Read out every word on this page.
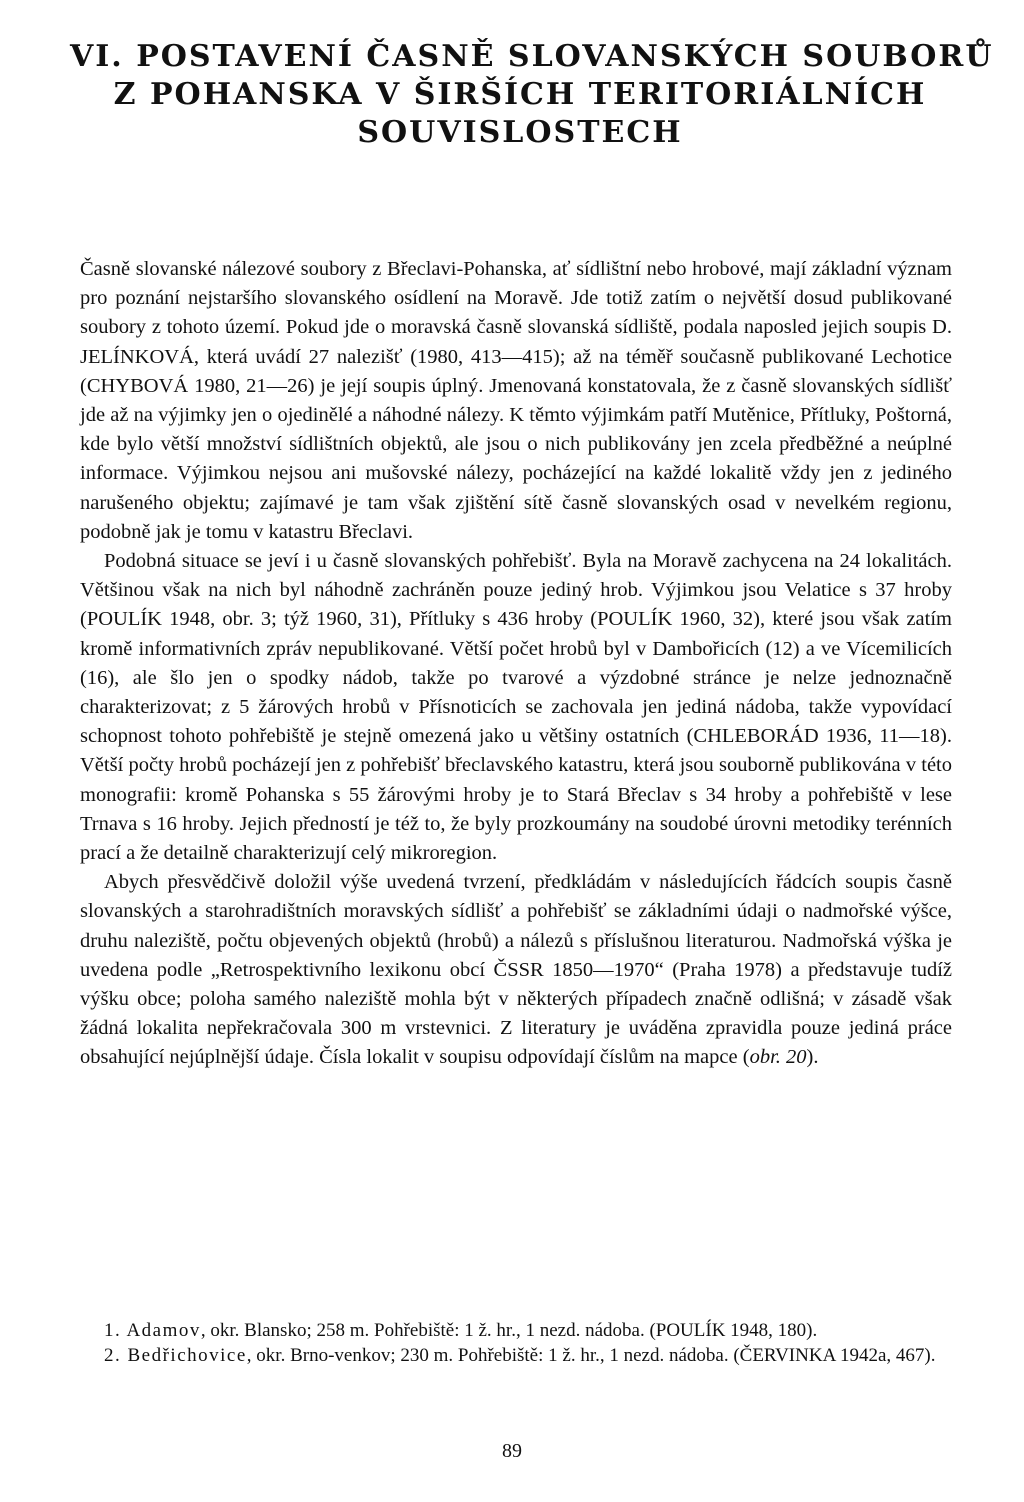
VI. POSTAVENÍ ČASNĚ SLOVANSKÝCH SOUBORŮ
Z POHANSKA V ŠIRŠÍCH TERITORIÁLNÍCH
SOUVISLOSTECH

Časně slovanské nálezové soubory z Břeclavi-Pohanska, ať sídlištní nebo hrobové, mají základní význam pro poznání nejstaršího slovanského osídlení na Moravě. Jde totiž zatím o největší dosud publikované soubory z tohoto území. Pokud jde o moravská časně slovanská sídliště, podala naposled jejich soupis D. JELÍNKOVÁ, která uvádí 27 nalezišť (1980, 413—415); až na téměř současně publikované Lechotice (CHYBOVÁ 1980, 21—26) je její soupis úplný. Jmenovaná konstatovala, že z časně slovanských sídlišť jde až na výjimky jen o ojedinělé a náhodné nálezy. K těmto výjimkám patří Mutěnice, Přítluky, Poštorná, kde bylo větší množství sídlištních objektů, ale jsou o nich publikovány jen zcela předběžné a neúplné informace. Výjimkou nejsou ani mušovské nálezy, pocházející na každé lokalitě vždy jen z jediného narušeného objektu; zajímavé je tam však zjištění sítě časně slovanských osad v nevelkém regionu, podobně jak je tomu v katastru Břeclavi.

Podobná situace se jeví i u časně slovanských pohřebišť. Byla na Moravě zachycena na 24 lokalitách. Většinou však na nich byl náhodně zachráněn pouze jediný hrob. Výjimkou jsou Velatice s 37 hroby (POULÍK 1948, obr. 3; týž 1960, 31), Přítluky s 436 hroby (POULÍK 1960, 32), které jsou však zatím kromě informativních zpráv nepublikované. Větší počet hrobů byl v Dambořicích (12) a ve Vícemilicích (16), ale šlo jen o spodky nádob, takže po tvarové a výzdobné stránce je nelze jednoznačně charakterizovat; z 5 žárových hrobů v Přísnoticích se zachovala jen jediná nádoba, takže vypovídací schopnost tohoto pohřebiště je stejně omezená jako u většiny ostatních (CHLEBORÁD 1936, 11—18). Větší počty hrobů pocházejí jen z pohřebišť břeclavského katastru, která jsou souborně publikována v této monografii: kromě Pohanska s 55 žárovými hroby je to Stará Břeclav s 34 hroby a pohřebiště v lese Trnava s 16 hroby. Jejich předností je též to, že byly prozkoumány na soudobé úrovni metodiky terénních prací a že detailně charakterizují celý mikroregion.

Abych přesvědčivě doložil výše uvedená tvrzení, předkládám v následujících řádcích soupis časně slovanských a starohradištních moravských sídlišť a pohřebišť se základními údaji o nadmořské výšce, druhu naleziště, počtu objevených objektů (hrobů) a nálezů s příslušnou literaturou. Nadmořská výška je uvedena podle „Retrospektivního lexikonu obcí ČSSR 1850—1970“ (Praha 1978) a představuje tudíž výšku obce; poloha samého naleziště mohla být v některých případech značně odlišná; v zásadě však žádná lokalita nepřekračovala 300 m vrstevnici. Z literatury je uváděna zpravidla pouze jediná práce obsahující nejúplnější údaje. Čísla lokalit v soupisu odpovídají číslům na mapce (obr. 20).

1. Adamov, okr. Blansko; 258 m. Pohřebiště: 1 ž. hr., 1 nezd. nádoba. (POULÍK 1948, 180).

2. Bedřichovice, okr. Brno-venkov; 230 m. Pohřebiště: 1 ž. hr., 1 nezd. nádoba. (ČERVINKA 1942a, 467).

89
